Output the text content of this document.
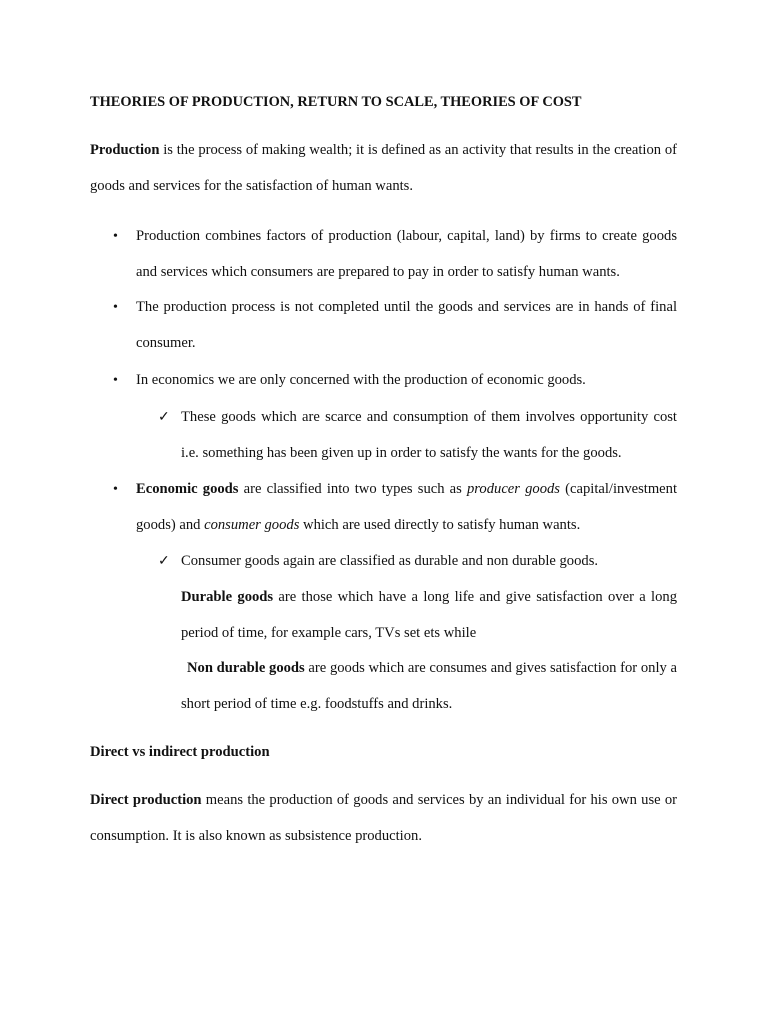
THEORIES OF PRODUCTION, RETURN TO SCALE, THEORIES OF COST

Production is the process of making wealth; it is defined as an activity that results in the creation of goods and services for the satisfaction of human wants.

• Production combines factors of production (labour, capital, land) by firms to create goods and services which consumers are prepared to pay in order to satisfy human wants.

• The production process is not completed until the goods and services are in hands of final consumer.

• In economics we are only concerned with the production of economic goods.

✓ These goods which are scarce and consumption of them involves opportunity cost i.e. something has been given up in order to satisfy the wants for the goods.

• Economic goods are classified into two types such as producer goods (capital/investment goods) and consumer goods which are used directly to satisfy human wants.

✓ Consumer goods again are classified as durable and non durable goods.

Durable goods are those which have a long life and give satisfaction over a long period of time, for example cars, TVs set ets while

Non durable goods are goods which are consumes and gives satisfaction for only a short period of time e.g. foodstuffs and drinks.

Direct vs indirect production

Direct production means the production of goods and services by an individual for his own use or consumption. It is also known as subsistence production.
